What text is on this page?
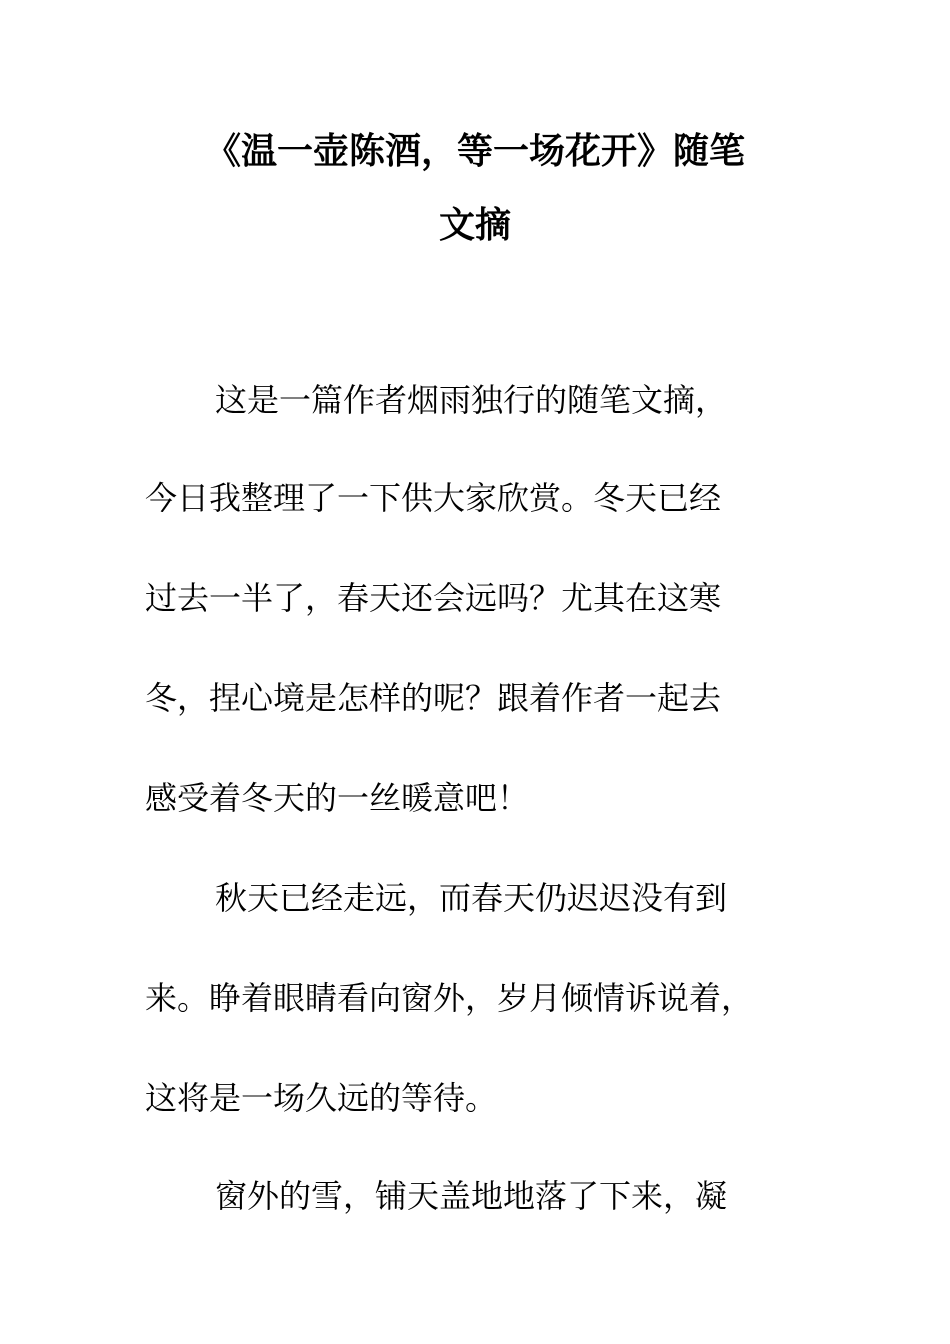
《温一壶陈酒，等一场花开》随笔
文摘

这是一篇作者烟雨独行的随笔文摘，

今日我整理了一下供大家欣赏。冬天已经

过去一半了，春天还会远吗？尤其在这寒

冬，捏心境是怎样的呢？跟着作者一起去

感受着冬天的一丝暖意吧！

秋天已经走远，而春天仍迟迟没有到

来。睁着眼睛看向窗外，岁月倾情诉说着，

这将是一场久远的等待。

窗外的雪，铺天盖地地落了下来，凝
